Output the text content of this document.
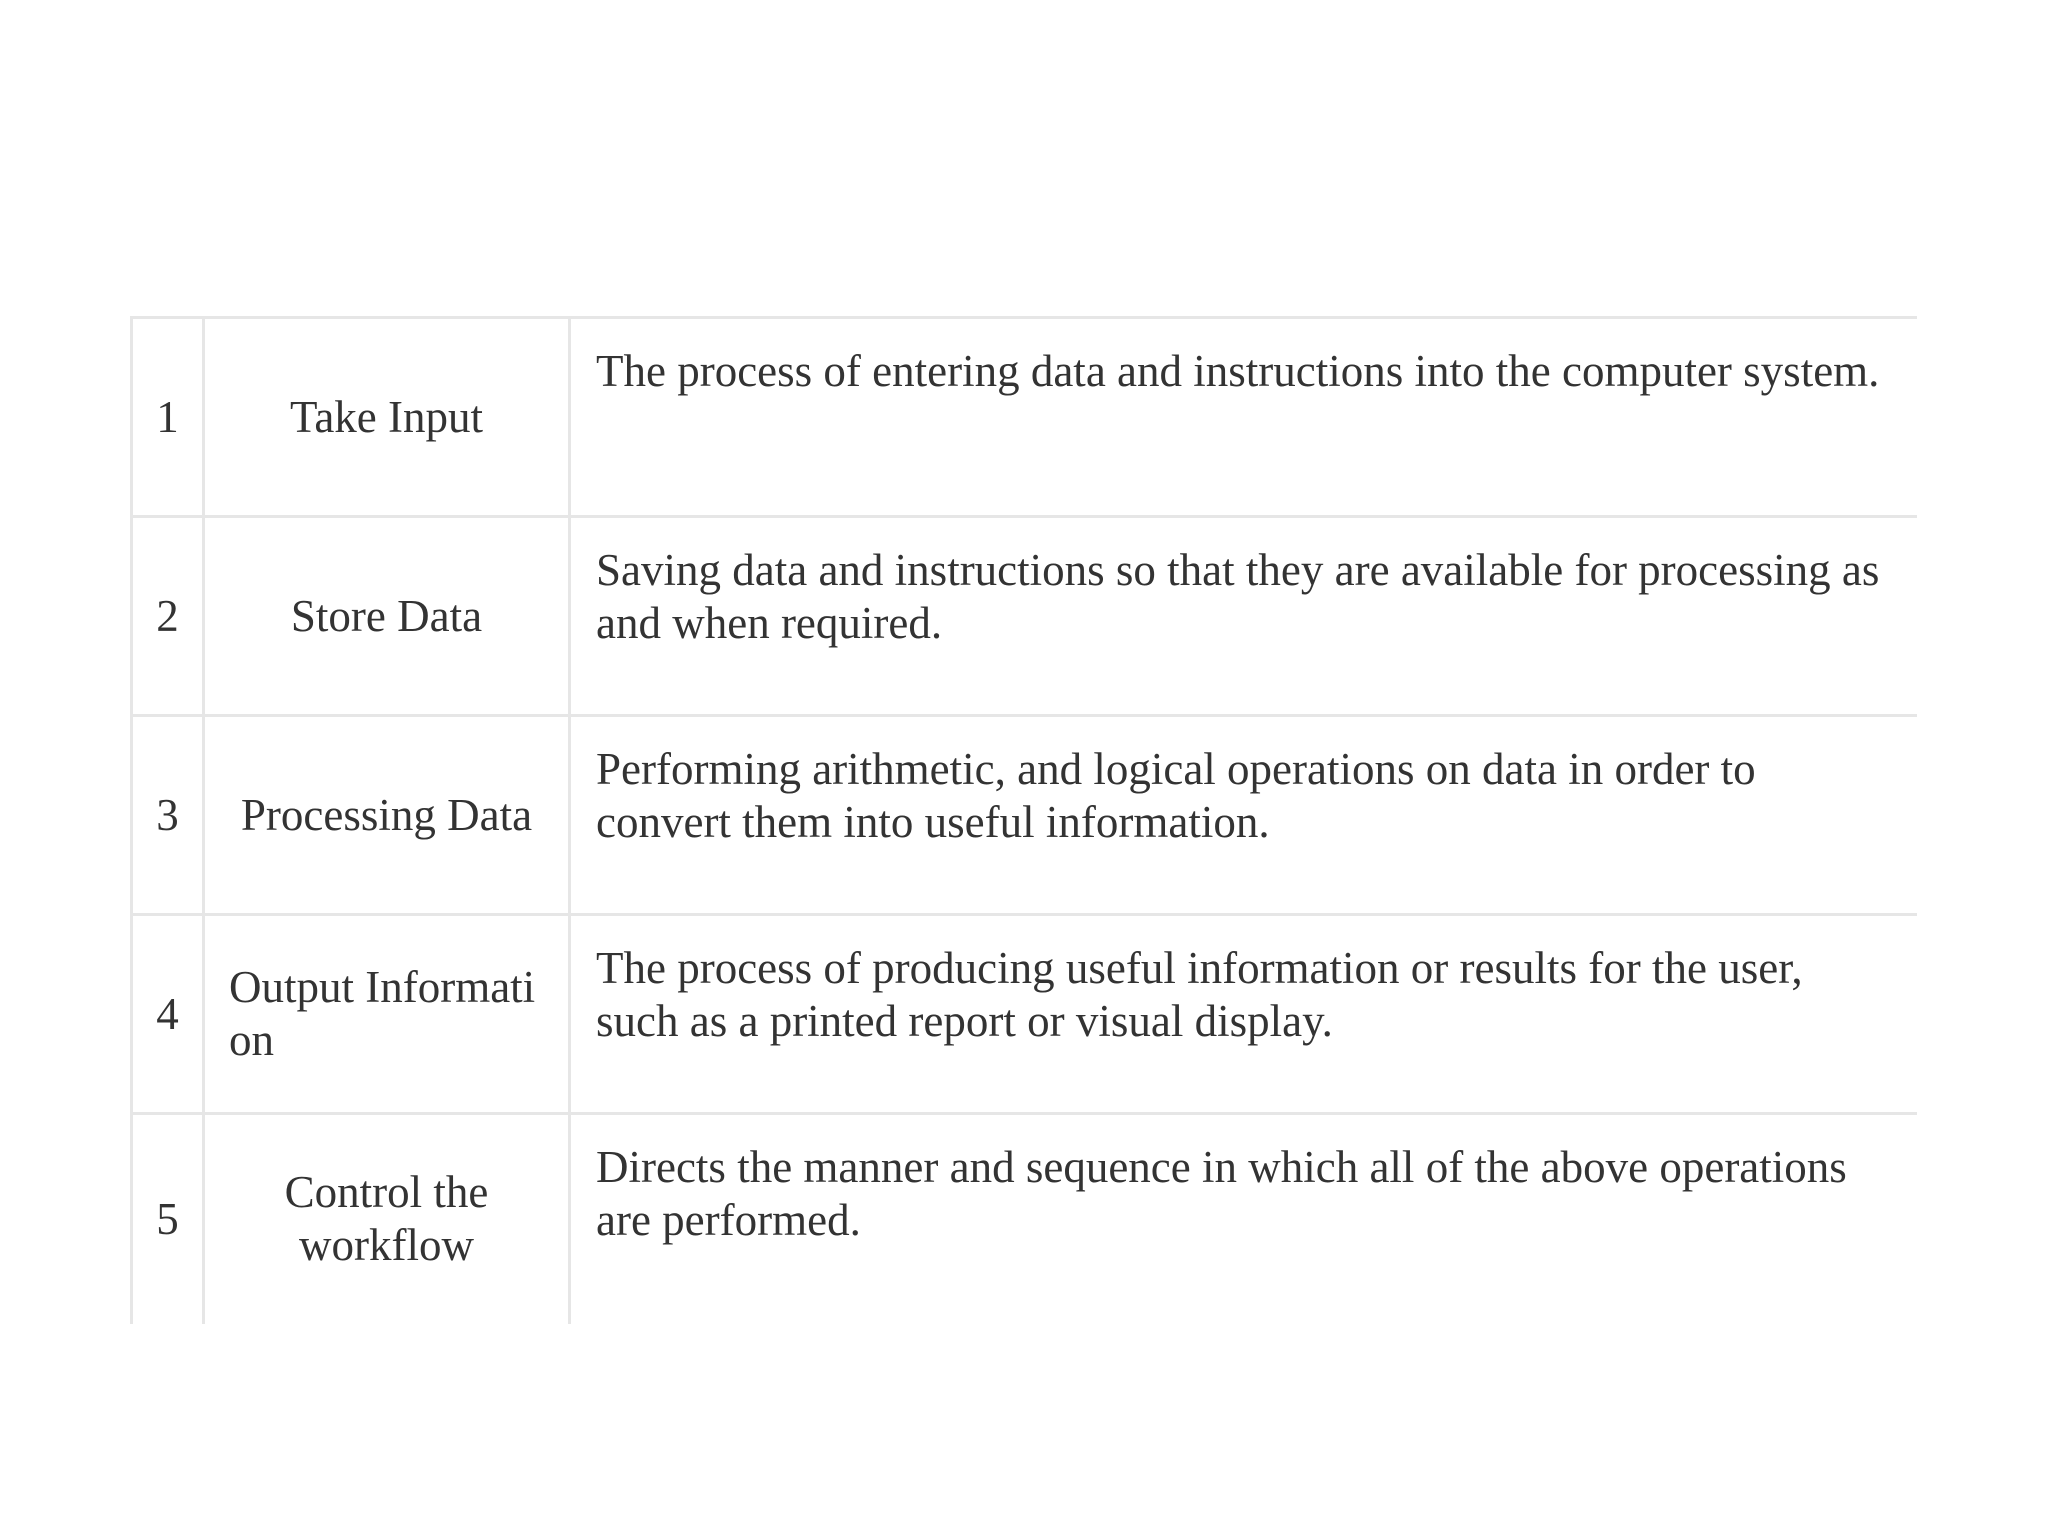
1	Take Input	The process of entering data and instructions into the computer system.
2	Store Data	Saving data and instructions so that they are available for processing as and when required.
3	Processing Data	Performing arithmetic, and logical operations on data in order to convert them into useful information.
4	Output Information	The process of producing useful information or results for the user, such as a printed report or visual display.
5	Control the workflow	Directs the manner and sequence in which all of the above operations are performed.
